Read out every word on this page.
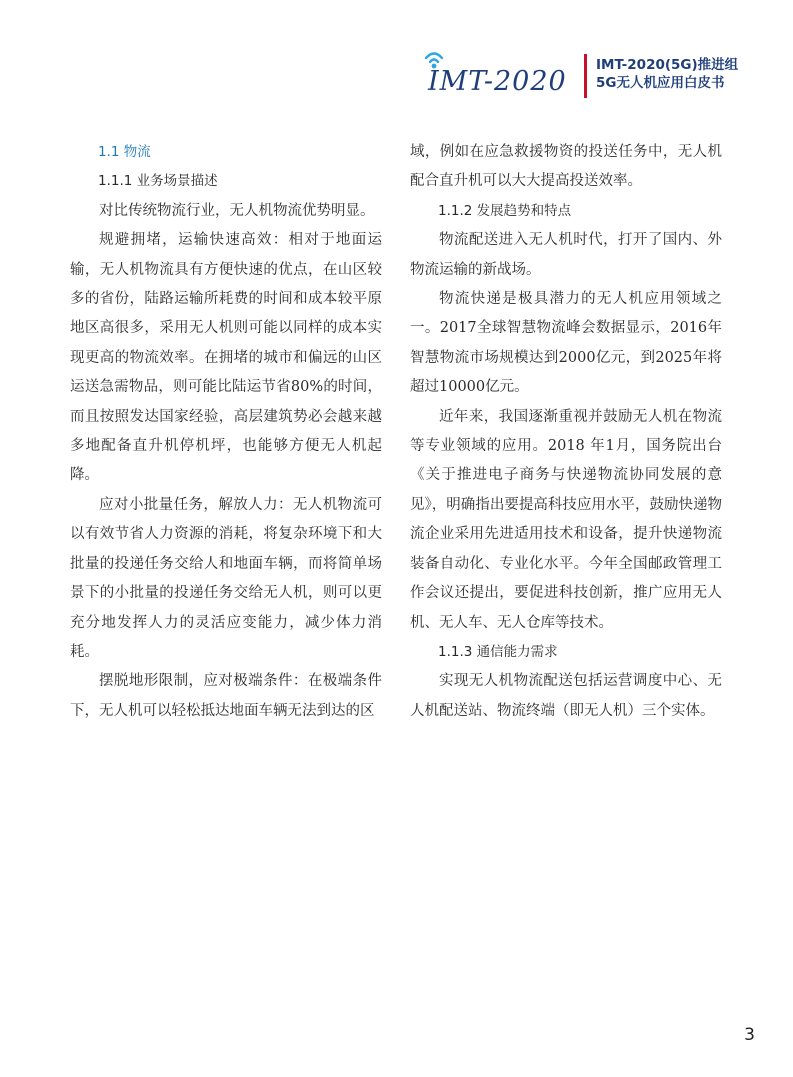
IMT-2020
IMT-2020(5G)推进组
5G无人机应用白皮书

1.1 物流

1.1.1 业务场景描述

对比传统物流行业，无人机物流优势明显。

规避拥堵，运输快速高效：相对于地面运输，无人机物流具有方便快速的优点，在山区较多的省份，陆路运输所耗费的时间和成本较平原地区高很多，采用无人机则可能以同样的成本实现更高的物流效率。在拥堵的城市和偏远的山区运送急需物品，则可能比陆运节省80%的时间，而且按照发达国家经验，高层建筑势必会越来越多地配备直升机停机坪，也能够方便无人机起降。

应对小批量任务，解放人力：无人机物流可以有效节省人力资源的消耗，将复杂环境下和大批量的投递任务交给人和地面车辆，而将简单场景下的小批量的投递任务交给无人机，则可以更充分地发挥人力的灵活应变能力，减少体力消耗。

摆脱地形限制，应对极端条件：在极端条件下，无人机可以轻松抵达地面车辆无法到达的区

域，例如在应急救援物资的投送任务中，无人机配合直升机可以大大提高投送效率。

1.1.2 发展趋势和特点

物流配送进入无人机时代，打开了国内、外物流运输的新战场。

物流快递是极具潜力的无人机应用领域之一。2017全球智慧物流峰会数据显示，2016年智慧物流市场规模达到2000亿元，到2025年将超过10000亿元。

近年来，我国逐渐重视并鼓励无人机在物流等专业领域的应用。2018 年1月，国务院出台《关于推进电子商务与快递物流协同发展的意见》，明确指出要提高科技应用水平，鼓励快递物流企业采用先进适用技术和设备，提升快递物流装备自动化、专业化水平。今年全国邮政管理工作会议还提出，要促进科技创新，推广应用无人机、无人车、无人仓库等技术。

1.1.3 通信能力需求

实现无人机物流配送包括运营调度中心、无人机配送站、物流终端（即无人机）三个实体。

3
